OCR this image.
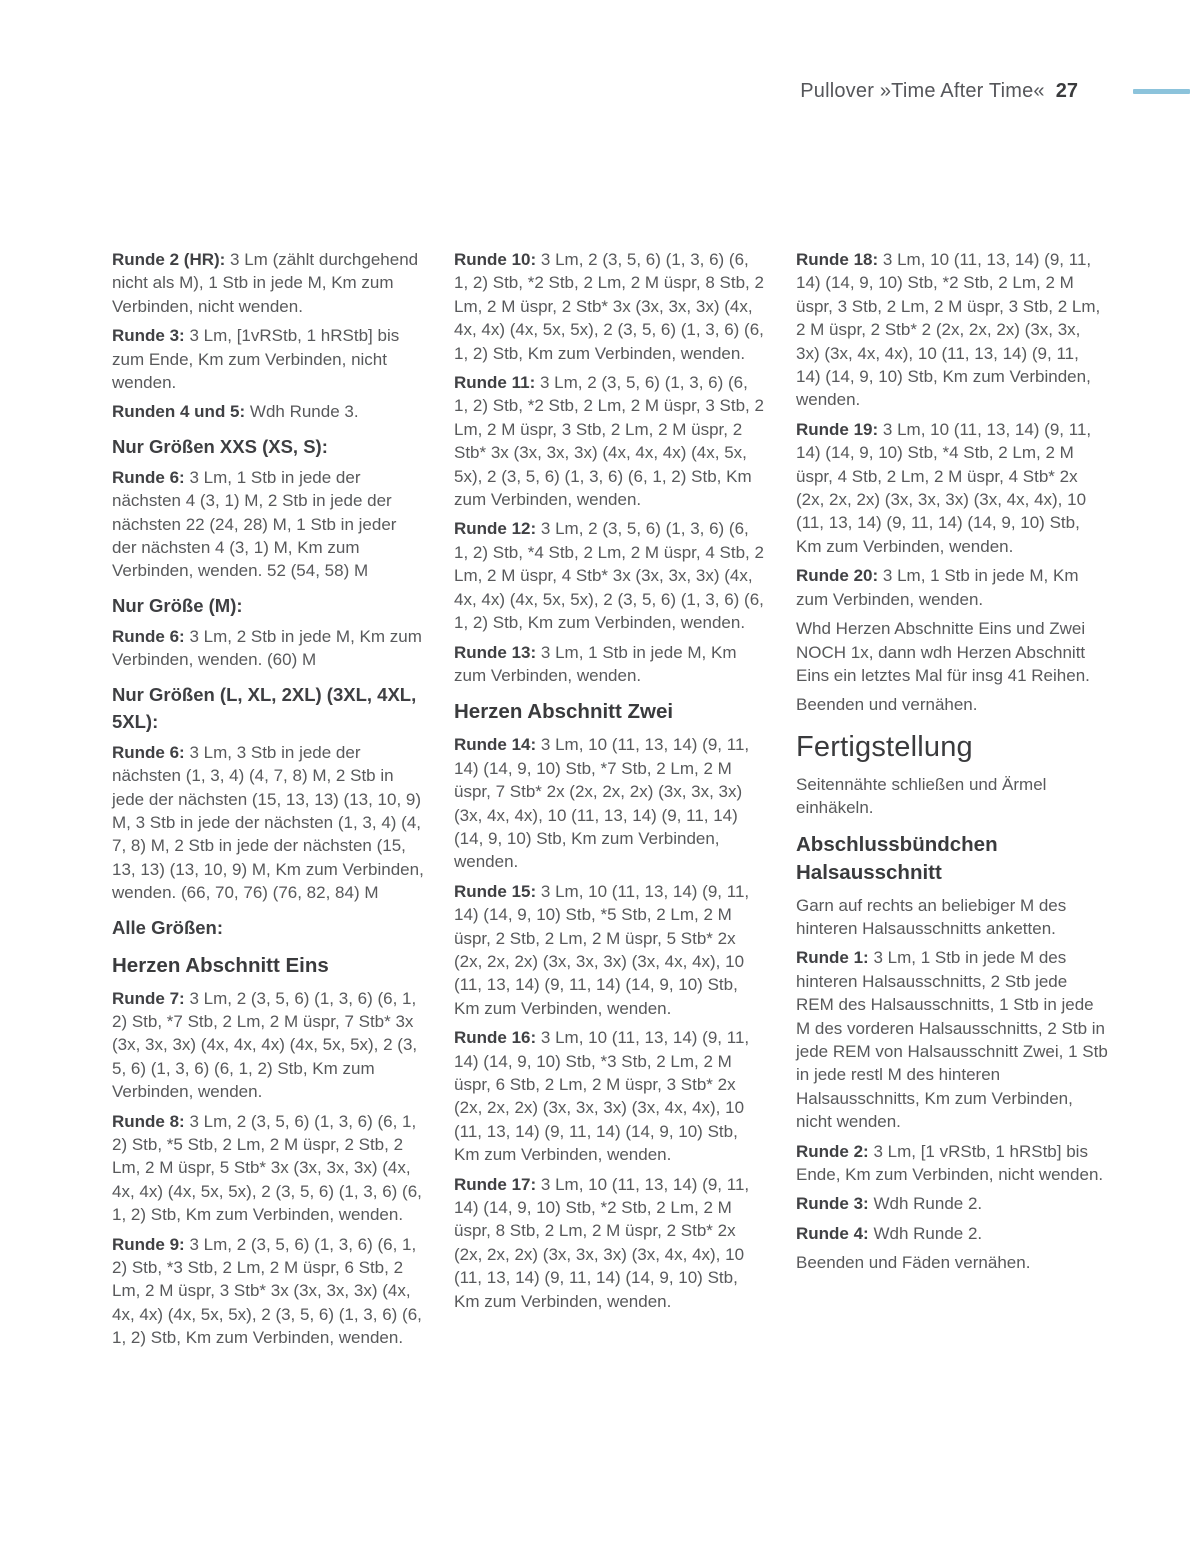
Pullover »Time After Time« 27

Runde 2 (HR): 3 Lm (zählt durchgehend nicht als M), 1 Stb in jede M, Km zum Verbinden, nicht wenden.

Runde 3: 3 Lm, [1vRStb, 1 hRStb] bis zum Ende, Km zum Verbinden, nicht wenden.

Runden 4 und 5: Wdh Runde 3.

Nur Größen XXS (XS, S):

Runde 6: 3 Lm, 1 Stb in jede der nächsten 4 (3, 1) M, 2 Stb in jede der nächsten 22 (24, 28) M, 1 Stb in jeder der nächsten 4 (3, 1) M, Km zum Verbinden, wenden. 52 (54, 58) M

Nur Größe (M):

Runde 6: 3 Lm, 2 Stb in jede M, Km zum Verbinden, wenden. (60) M

Nur Größen (L, XL, 2XL) (3XL, 4XL, 5XL):

Runde 6: 3 Lm, 3 Stb in jede der nächsten (1, 3, 4) (4, 7, 8) M, 2 Stb in jede der nächsten (15, 13, 13) (13, 10, 9) M, 3 Stb in jede der nächsten (1, 3, 4) (4, 7, 8) M, 2 Stb in jede der nächsten (15, 13, 13) (13, 10, 9) M, Km zum Verbinden, wenden. (66, 70, 76) (76, 82, 84) M

Alle Größen:
Herzen Abschnitt Eins

Runde 7: 3 Lm, 2 (3, 5, 6) (1, 3, 6) (6, 1, 2) Stb, *7 Stb, 2 Lm, 2 M üspr, 7 Stb* 3x (3x, 3x, 3x) (4x, 4x, 4x) (4x, 5x, 5x), 2 (3, 5, 6) (1, 3, 6) (6, 1, 2) Stb, Km zum Verbinden, wenden.

Runde 8: 3 Lm, 2 (3, 5, 6) (1, 3, 6) (6, 1, 2) Stb, *5 Stb, 2 Lm, 2 M üspr, 2 Stb, 2 Lm, 2 M üspr, 5 Stb* 3x (3x, 3x, 3x) (4x, 4x, 4x) (4x, 5x, 5x), 2 (3, 5, 6) (1, 3, 6) (6, 1, 2) Stb, Km zum Verbinden, wenden.

Runde 9: 3 Lm, 2 (3, 5, 6) (1, 3, 6) (6, 1, 2) Stb, *3 Stb, 2 Lm, 2 M üspr, 6 Stb, 2 Lm, 2 M üspr, 3 Stb* 3x (3x, 3x, 3x) (4x, 4x, 4x) (4x, 5x, 5x), 2 (3, 5, 6) (1, 3, 6) (6, 1, 2) Stb, Km zum Verbinden, wenden.

Runde 10: 3 Lm, 2 (3, 5, 6) (1, 3, 6) (6, 1, 2) Stb, *2 Stb, 2 Lm, 2 M üspr, 8 Stb, 2 Lm, 2 M üspr, 2 Stb* 3x (3x, 3x, 3x) (4x, 4x, 4x) (4x, 5x, 5x), 2 (3, 5, 6) (1, 3, 6) (6, 1, 2) Stb, Km zum Verbinden, wenden.

Runde 11: 3 Lm, 2 (3, 5, 6) (1, 3, 6) (6, 1, 2) Stb, *2 Stb, 2 Lm, 2 M üspr, 3 Stb, 2 Lm, 2 M üspr, 3 Stb, 2 Lm, 2 M üspr, 2 Stb* 3x (3x, 3x, 3x) (4x, 4x, 4x) (4x, 5x, 5x), 2 (3, 5, 6) (1, 3, 6) (6, 1, 2) Stb, Km zum Verbinden, wenden.

Runde 12: 3 Lm, 2 (3, 5, 6) (1, 3, 6) (6, 1, 2) Stb, *4 Stb, 2 Lm, 2 M üspr, 4 Stb, 2 Lm, 2 M üspr, 4 Stb* 3x (3x, 3x, 3x) (4x, 4x, 4x) (4x, 5x, 5x), 2 (3, 5, 6) (1, 3, 6) (6, 1, 2) Stb, Km zum Verbinden, wenden.

Runde 13: 3 Lm, 1 Stb in jede M, Km zum Verbinden, wenden.

Herzen Abschnitt Zwei

Runde 14: 3 Lm, 10 (11, 13, 14) (9, 11, 14) (14, 9, 10) Stb, *7 Stb, 2 Lm, 2 M üspr, 7 Stb* 2x (2x, 2x, 2x) (3x, 3x, 3x) (3x, 4x, 4x), 10 (11, 13, 14) (9, 11, 14) (14, 9, 10) Stb, Km zum Verbinden, wenden.

Runde 15: 3 Lm, 10 (11, 13, 14) (9, 11, 14) (14, 9, 10) Stb, *5 Stb, 2 Lm, 2 M üspr, 2 Stb, 2 Lm, 2 M üspr, 5 Stb* 2x (2x, 2x, 2x) (3x, 3x, 3x) (3x, 4x, 4x), 10 (11, 13, 14) (9, 11, 14) (14, 9, 10) Stb, Km zum Verbinden, wenden.

Runde 16: 3 Lm, 10 (11, 13, 14) (9, 11, 14) (14, 9, 10) Stb, *3 Stb, 2 Lm, 2 M üspr, 6 Stb, 2 Lm, 2 M üspr, 3 Stb* 2x (2x, 2x, 2x) (3x, 3x, 3x) (3x, 4x, 4x), 10 (11, 13, 14) (9, 11, 14) (14, 9, 10) Stb, Km zum Verbinden, wenden.

Runde 17: 3 Lm, 10 (11, 13, 14) (9, 11, 14) (14, 9, 10) Stb, *2 Stb, 2 Lm, 2 M üspr, 8 Stb, 2 Lm, 2 M üspr, 2 Stb* 2x (2x, 2x, 2x) (3x, 3x, 3x) (3x, 4x, 4x), 10 (11, 13, 14) (9, 11, 14) (14, 9, 10) Stb, Km zum Verbinden, wenden.

Runde 18: 3 Lm, 10 (11, 13, 14) (9, 11, 14) (14, 9, 10) Stb, *2 Stb, 2 Lm, 2 M üspr, 3 Stb, 2 Lm, 2 M üspr, 3 Stb, 2 Lm, 2 M üspr, 2 Stb* 2 (2x, 2x, 2x) (3x, 3x, 3x) (3x, 4x, 4x), 10 (11, 13, 14) (9, 11, 14) (14, 9, 10) Stb, Km zum Verbinden, wenden.

Runde 19: 3 Lm, 10 (11, 13, 14) (9, 11, 14) (14, 9, 10) Stb, *4 Stb, 2 Lm, 2 M üspr, 4 Stb, 2 Lm, 2 M üspr, 4 Stb* 2x (2x, 2x, 2x) (3x, 3x, 3x) (3x, 4x, 4x), 10 (11, 13, 14) (9, 11, 14) (14, 9, 10) Stb, Km zum Verbinden, wenden.

Runde 20: 3 Lm, 1 Stb in jede M, Km zum Verbinden, wenden.

Whd Herzen Abschnitte Eins und Zwei NOCH 1x, dann wdh Herzen Abschnitt Eins ein letztes Mal für insg 41 Reihen.

Beenden und vernähen.

Fertigstellung

Seitennähte schließen und Ärmel einhäkeln.

Abschlussbündchen Halsausschnitt

Garn auf rechts an beliebiger M des hinteren Halsausschnitts anketten.

Runde 1: 3 Lm, 1 Stb in jede M des hinteren Halsausschnitts, 2 Stb jede REM des Halsausschnitts, 1 Stb in jede M des vorderen Halsausschnitts, 2 Stb in jede REM von Halsausschnitt Zwei, 1 Stb in jede restl M des hinteren Halsausschnitts, Km zum Verbinden, nicht wenden.

Runde 2: 3 Lm, [1 vRStb, 1 hRStb] bis Ende, Km zum Verbinden, nicht wenden.

Runde 3: Wdh Runde 2.

Runde 4: Wdh Runde 2.

Beenden und Fäden vernähen.
